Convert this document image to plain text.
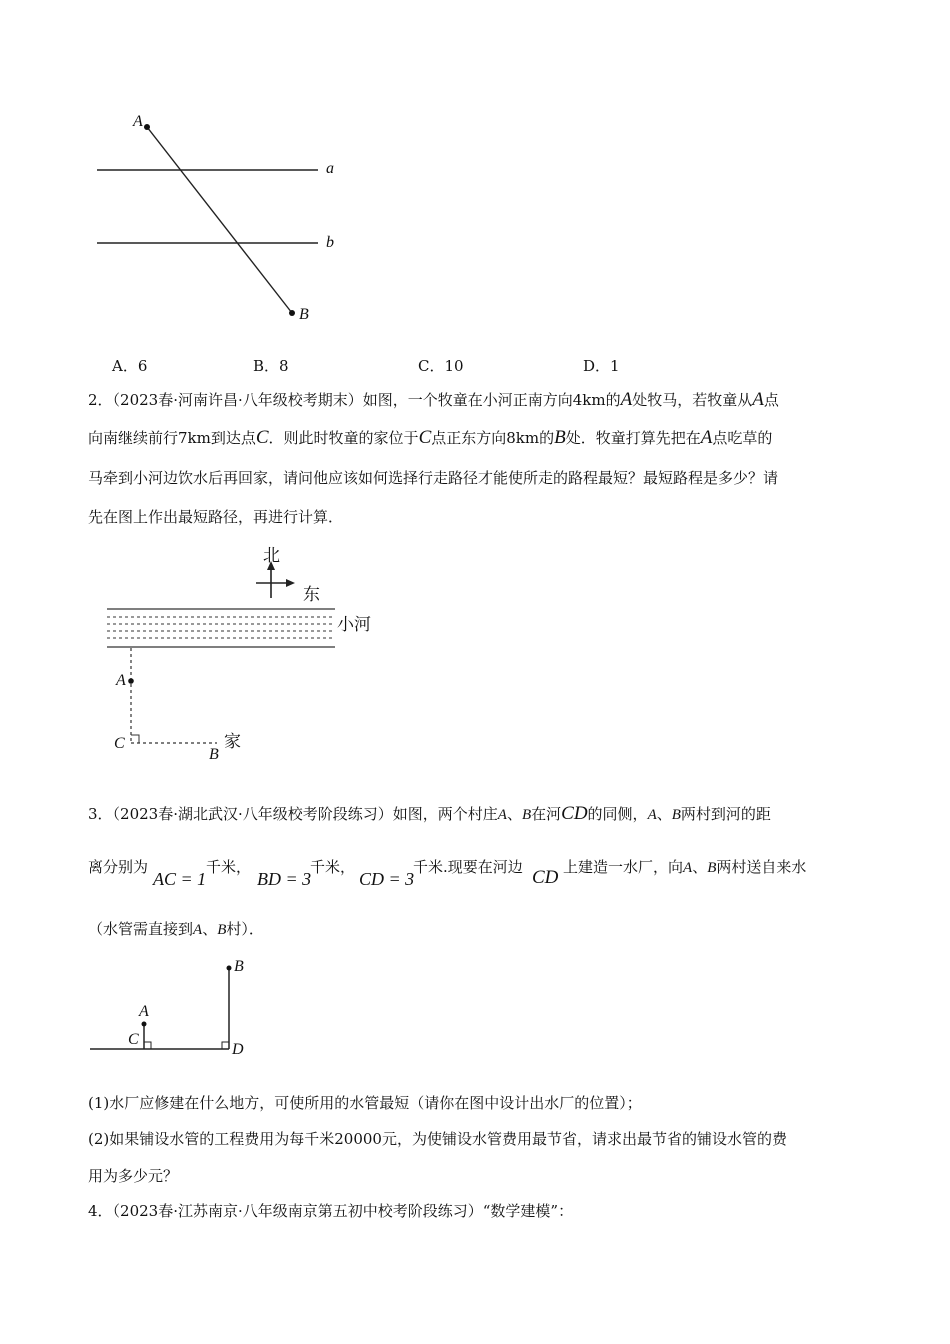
A
B
a
b
A．6	B．8	C．10	D．1
2．（2023春·河南许昌·八年级校考期末）如图，一个牧童在小河正南方向4km的A处牧马，若牧童从A点
向南继续前行7km到达点C．则此时牧童的家位于C点正东方向8km的B处．牧童打算先把在A点吃草的
马牵到小河边饮水后再回家，请问他应该如何选择行走路径才能使所走的路程最短？最短路程是多少？请
先在图上作出最短路径，再进行计算．
北
东
小河
家
A
C
B
3．（2023春·湖北武汉·八年级校考阶段练习）如图，两个村庄A、B在河CD的同侧，A、B两村到河的距
离分别为
AC = 1
千米，
BD = 3
千米，
CD = 3
千米.现要在河边 CD 上建造一水厂，向A、B两村送自来水
（水管需直接到A、B村）．
A
B
C
D
(1)水厂应修建在什么地方，可使所用的水管最短（请你在图中设计出水厂的位置）；
(2)如果铺设水管的工程费用为每千米20000元，为使铺设水管费用最节省，请求出最节省的铺设水管的费
用为多少元？
4．（2023春·江苏南京·八年级南京第五初中校考阶段练习）“数学建模”：
